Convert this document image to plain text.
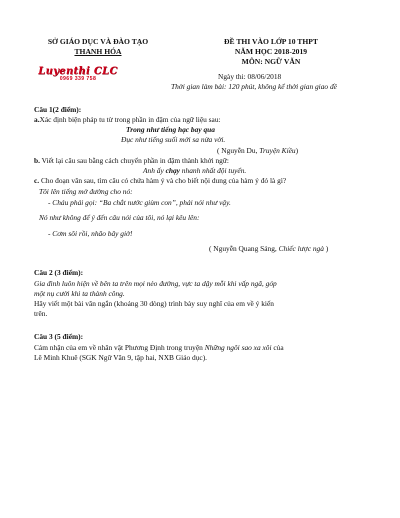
SỞ GIÁO DỤC VÀ ĐÀO TẠO
THANH HÓA
Luyenthi CLC
0969 339 758
ĐỀ THI VÀO LỚP 10 THPT
NĂM HỌC 2018-2019
MÔN: NGỮ VĂN
Ngày thi: 08/06/2018
Thời gian làm bài: 120 phút, không kể thời gian giao đề
Câu 1(2 điểm):
a.Xác định biện pháp tu từ trong phần in đậm của ngữ liệu sau:
Trong như tiếng hạc bay qua
Đục như tiếng suối mới sa nửa vời.
( Nguyễn Du, Truyện Kiều)
b. Viết lại câu sau bằng cách chuyển phần in đậm thành khởi ngữ:
Anh ấy chạy nhanh nhất đội tuyển.
c. Cho đoạn văn sau, tìm câu có chứa hàm ý và cho biết nội dung của hàm ý đó là gì?
Tôi lên tiếng mở đường cho nó:
- Cháu phải gọi: “Ba chắt nước giùm con”, phải nói như vậy.
Nó như không để ý đến câu nói của tôi, nó lại kêu lên:
- Cơm sôi rồi, nhão bây giờ!
( Nguyễn Quang Sáng, Chiếc lược ngà )
Câu 2 (3 điểm):
Gia đình luôn hiện về bên ta trên mọi nẻo đường, vực ta dậy mỗi khi vấp ngã, góp
một nụ cười khi ta thành công.
Hãy viết một bài văn ngắn (khoảng 30 dòng) trình bày suy nghĩ của em về ý kiến
trên.
Câu 3 (5 điểm):
Cảm nhận của em về nhân vật Phương Định trong truyện Những ngôi sao xa xôi của
Lê Minh Khuê (SGK Ngữ Văn 9, tập hai, NXB Giáo dục).
